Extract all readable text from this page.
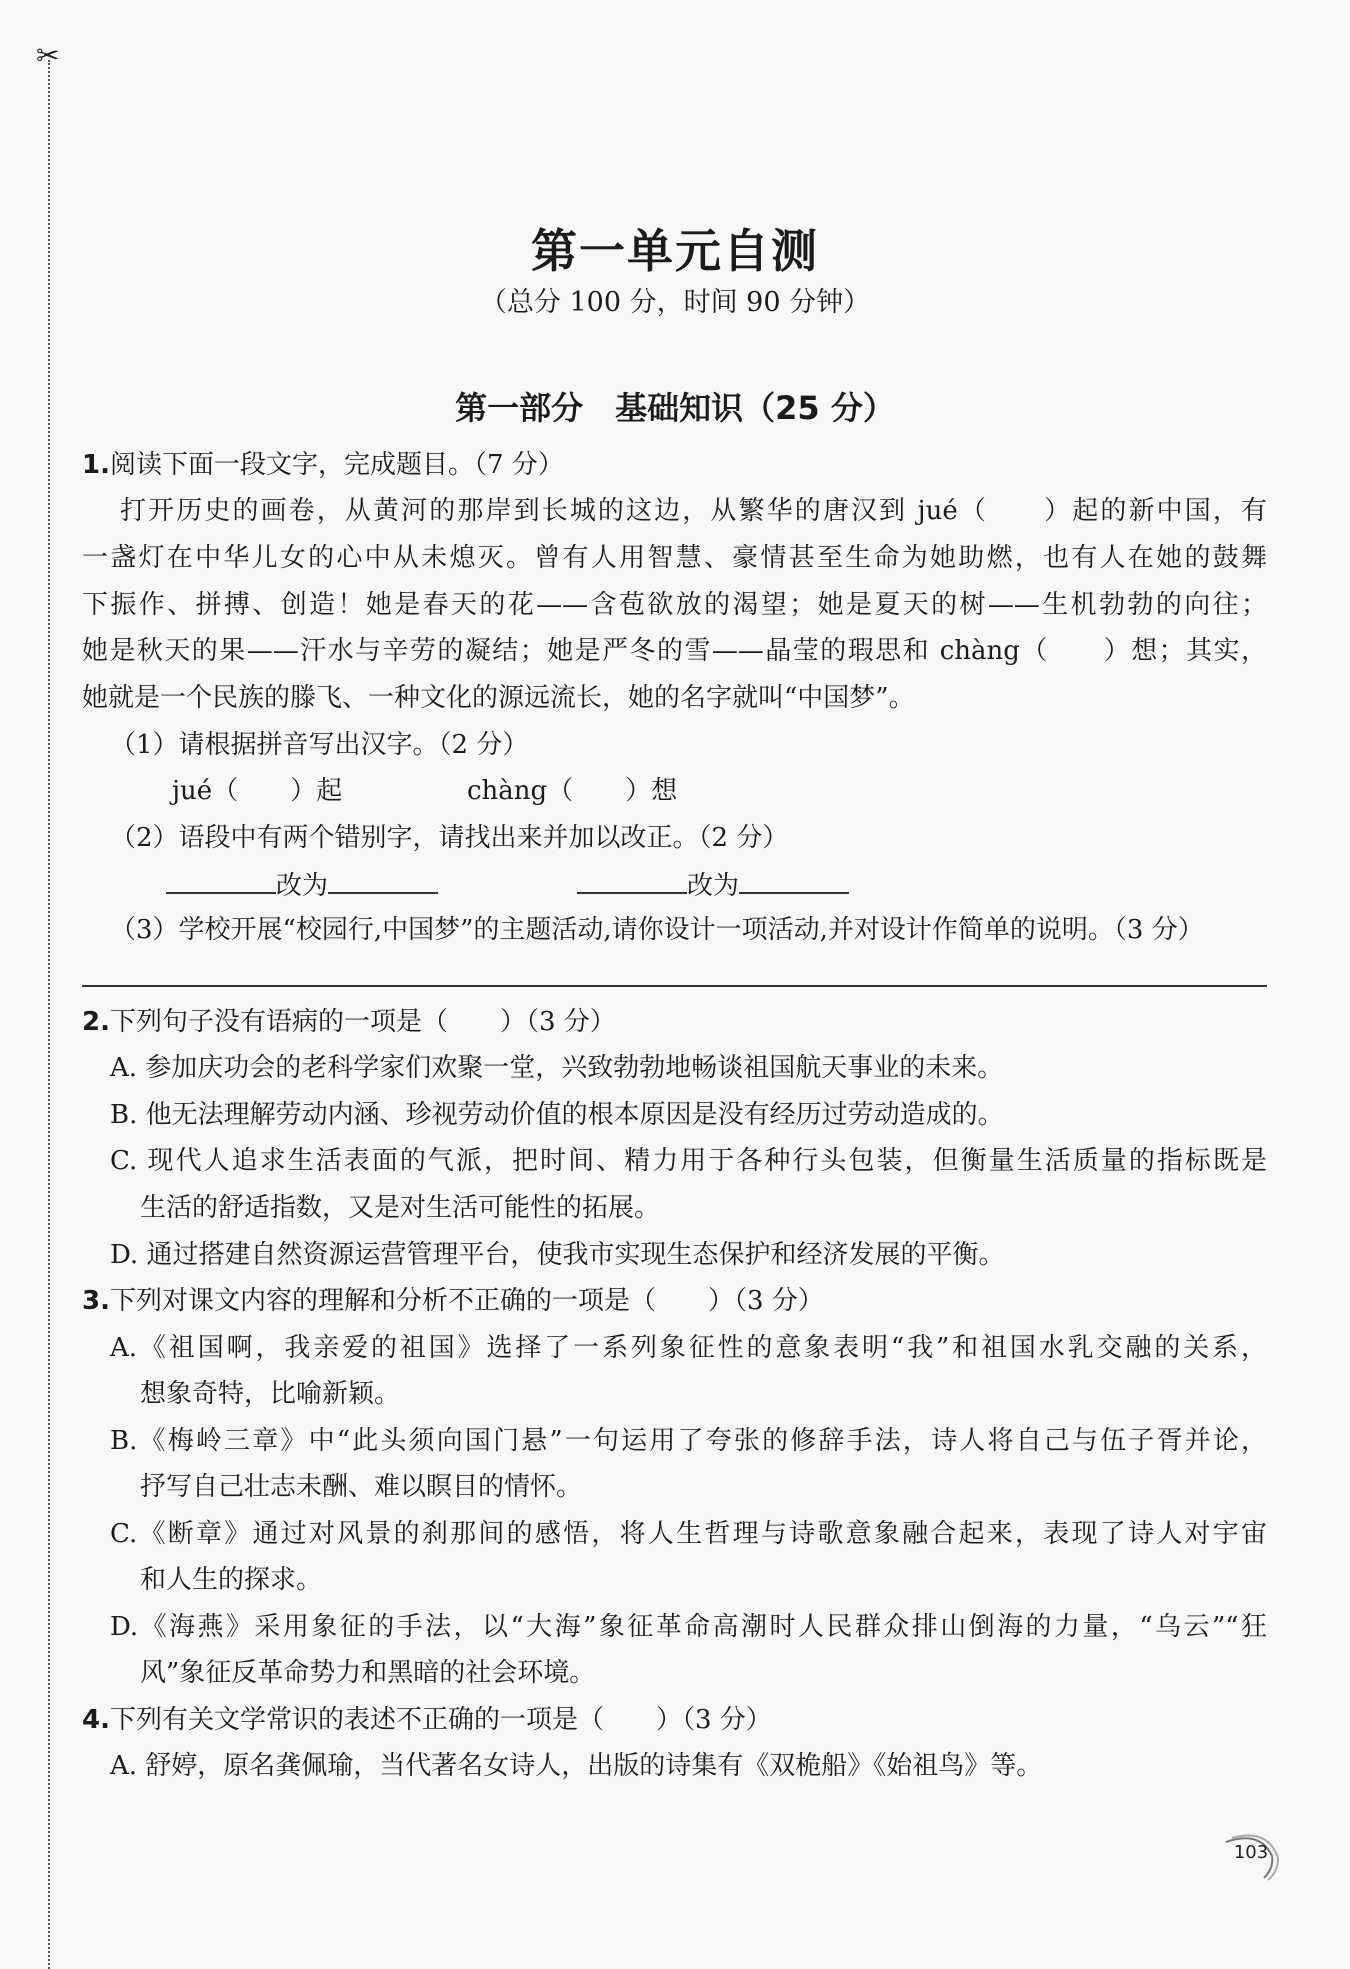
✂
第一单元自测
（总分 100 分，时间 90 分钟）
第一部分　基础知识（25 分）
1.阅读下面一段文字，完成题目。（7 分）
打开历史的画卷，从黄河的那岸到长城的这边，从繁华的唐汉到 jué（　　）起的新中国，有
一盏灯在中华儿女的心中从未熄灭。曾有人用智慧、豪情甚至生命为她助燃，也有人在她的鼓舞
下振作、拼搏、创造！她是春天的花——含苞欲放的渴望；她是夏天的树——生机勃勃的向往；
她是秋天的果——汗水与辛劳的凝结；她是严冬的雪——晶莹的瑕思和 chàng（　　）想；其实，
她就是一个民族的滕飞、一种文化的源远流长，她的名字就叫“中国梦”。
（1）请根据拼音写出汉字。（2 分）
jué（　　）起	chàng（　　）想
（2）语段中有两个错别字，请找出来并加以改正。（2 分）
改为	改为
（3）学校开展“校园行,中国梦”的主题活动,请你设计一项活动,并对设计作简单的说明。（3 分）
2.下列句子没有语病的一项是（　　）（3 分）
A. 参加庆功会的老科学家们欢聚一堂，兴致勃勃地畅谈祖国航天事业的未来。
B. 他无法理解劳动内涵、珍视劳动价值的根本原因是没有经历过劳动造成的。
C. 现代人追求生活表面的气派，把时间、精力用于各种行头包装，但衡量生活质量的指标既是
生活的舒适指数，又是对生活可能性的拓展。
D. 通过搭建自然资源运营管理平台，使我市实现生态保护和经济发展的平衡。
3.下列对课文内容的理解和分析不正确的一项是（　　）（3 分）
A.《祖国啊，我亲爱的祖国》选择了一系列象征性的意象表明“我”和祖国水乳交融的关系，
想象奇特，比喻新颖。
B.《梅岭三章》中“此头须向国门悬”一句运用了夸张的修辞手法，诗人将自己与伍子胥并论，
抒写自己壮志未酬、难以瞑目的情怀。
C.《断章》通过对风景的刹那间的感悟，将人生哲理与诗歌意象融合起来，表现了诗人对宇宙
和人生的探求。
D.《海燕》采用象征的手法，以“大海”象征革命高潮时人民群众排山倒海的力量，“乌云”“狂
风”象征反革命势力和黑暗的社会环境。
4.下列有关文学常识的表述不正确的一项是（　　）（3 分）
A. 舒婷，原名龚佩瑜，当代著名女诗人，出版的诗集有《双桅船》《始祖鸟》等。
103
